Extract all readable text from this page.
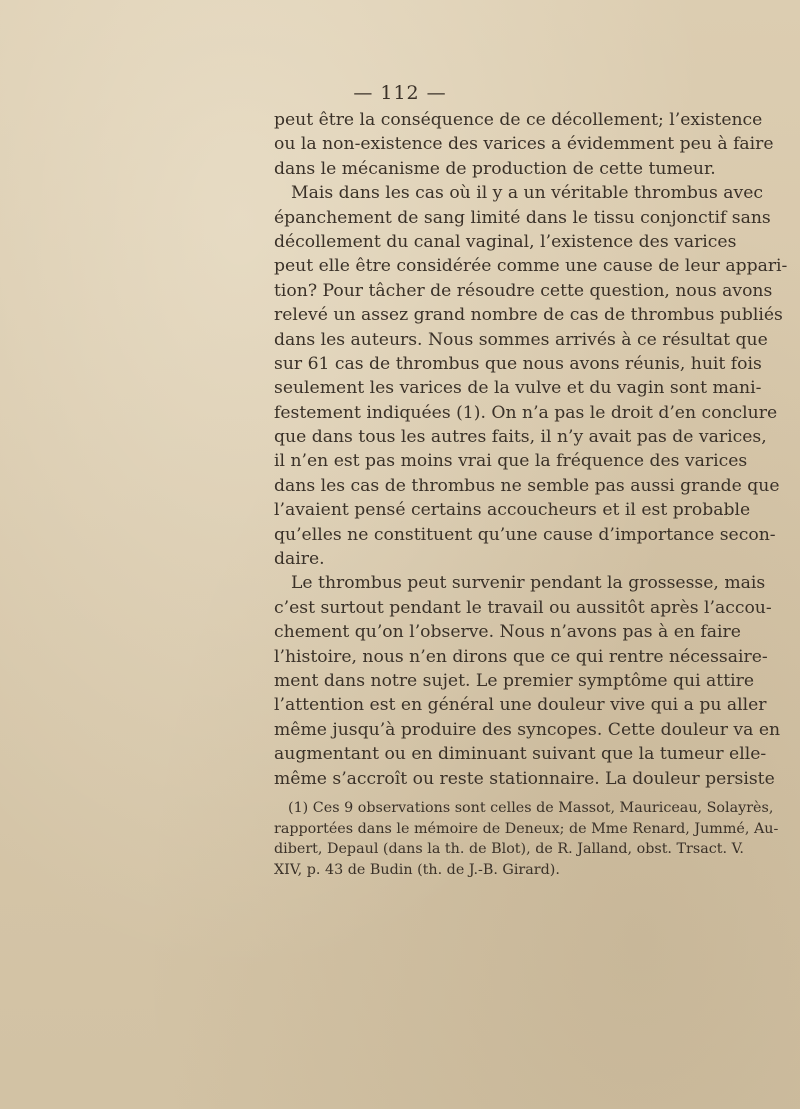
— 112 —
peut être la conséquence de ce décollement; l’existence
ou la non-existence des varices a évidemment peu à faire
dans le mécanisme de production de cette tumeur.
Mais dans les cas où il y a un véritable thrombus avec
épanchement de sang limité dans le tissu conjonctif sans
décollement du canal vaginal, l’existence des varices
peut elle être considérée comme une cause de leur appari-
tion? Pour tâcher de résoudre cette question, nous avons
relevé un assez grand nombre de cas de thrombus publiés
dans les auteurs. Nous sommes arrivés à ce résultat que
sur 61 cas de thrombus que nous avons réunis, huit fois
seulement les varices de la vulve et du vagin sont mani-
festement indiquées (1). On n’a pas le droit d’en conclure
que dans tous les autres faits, il n’y avait pas de varices,
il n’en est pas moins vrai que la fréquence des varices
dans les cas de thrombus ne semble pas aussi grande que
l’avaient pensé certains accoucheurs et il est probable
qu’elles ne constituent qu’une cause d’importance secon-
daire.
Le thrombus peut survenir pendant la grossesse, mais
c’est surtout pendant le travail ou aussitôt après l’accou-
chement qu’on l’observe. Nous n’avons pas à en faire
l’histoire, nous n’en dirons que ce qui rentre nécessaire-
ment dans notre sujet. Le premier symptôme qui attire
l’attention est en général une douleur vive qui a pu aller
même jusqu’à produire des syncopes. Cette douleur va en
augmentant ou en diminuant suivant que la tumeur elle-
même s’accroît ou reste stationnaire. La douleur persiste
(1) Ces 9 observations sont celles de Massot, Mauriceau, Solayrès,
rapportées dans le mémoire de Deneux; de Mme Renard, Jummé, Au-
dibert, Depaul (dans la th. de Blot), de R. Jalland, obst. Trsact. V.
XIV, p. 43 de Budin (th. de J.-B. Girard).
